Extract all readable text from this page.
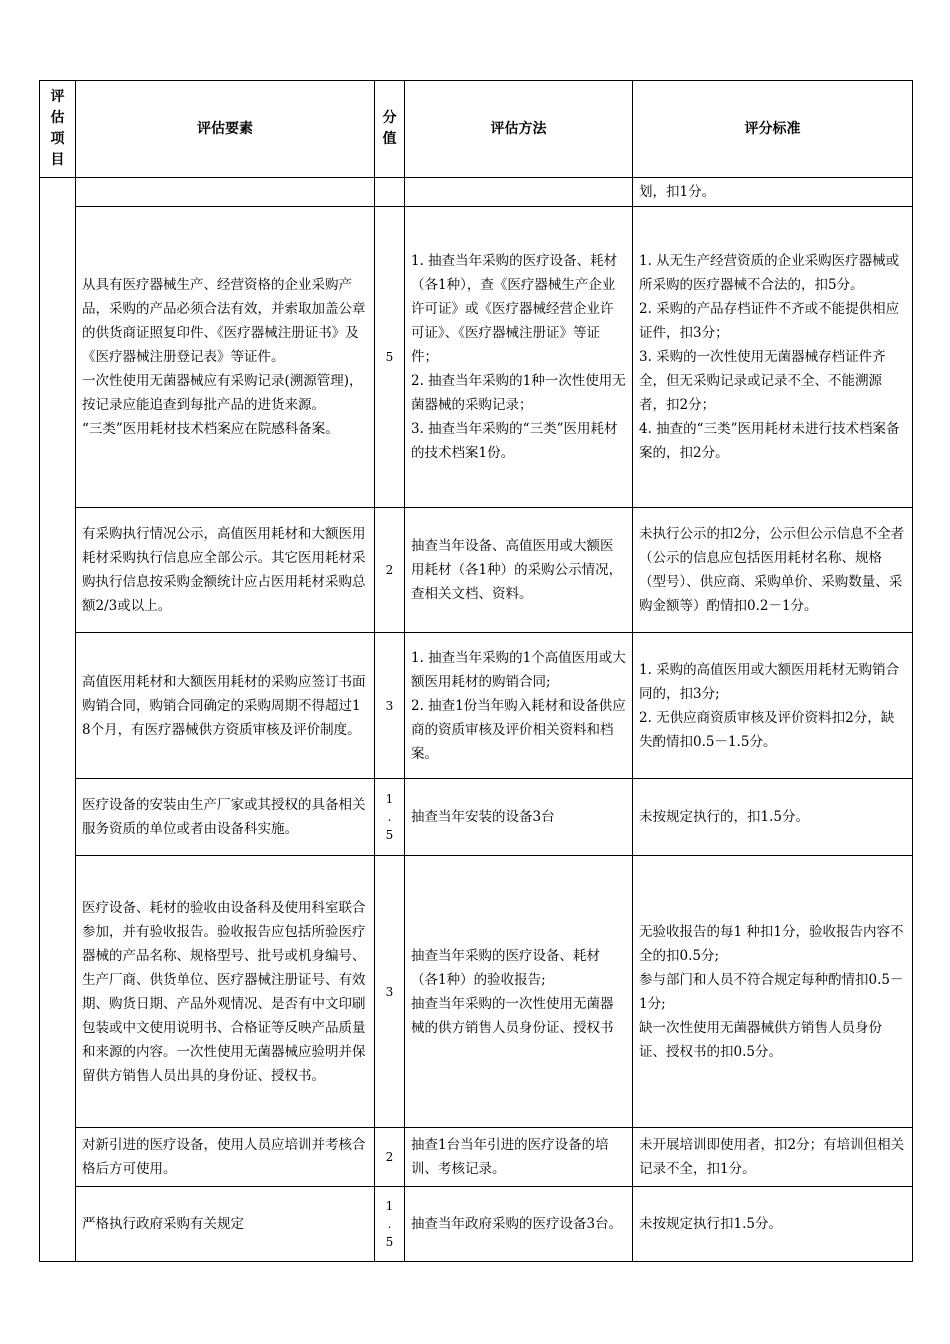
评
估
项
目	评估要素	分
值	评估方法	评分标准
				划，扣1分。
	从具有医疗器械生产、经营资格的企业采购产品，采购的产品必须合法有效，并索取加盖公章的供货商证照复印件、《医疗器械注册证书》及《医疗器械注册登记表》等证件。
一次性使用无菌器械应有采购记录(溯源管理)，按记录应能追查到每批产品的进货来源。
“三类”医用耗材技术档案应在院感科备案。	5	1. 抽查当年采购的医疗设备、耗材（各1种），查《医疗器械生产企业许可证》或《医疗器械经营企业许可证》、《医疗器械注册证》等证件；
2. 抽查当年采购的1种一次性使用无菌器械的采购记录；
3. 抽查当年采购的“三类”医用耗材的技术档案1份。	1. 从无生产经营资质的企业采购医疗器械或所采购的医疗器械不合法的，扣5分。
2. 采购的产品存档证件不齐或不能提供相应证件，扣3分；
3. 采购的一次性使用无菌器械存档证件齐全，但无采购记录或记录不全、不能溯源者，扣2分；
4. 抽查的“三类”医用耗材未进行技术档案备案的，扣2分。
	有采购执行情况公示，高值医用耗材和大额医用耗材采购执行信息应全部公示。其它医用耗材采购执行信息按采购金额统计应占医用耗材采购总额2/3或以上。	2	抽查当年设备、高值医用或大额医用耗材（各1种）的采购公示情况，查相关文档、资料。	未执行公示的扣2分，公示但公示信息不全者（公示的信息应包括医用耗材名称、规格（型号）、供应商、采购单价、采购数量、采购金额等）酌情扣0.2－1分。
	高值医用耗材和大额医用耗材的采购应签订书面购销合同，购销合同确定的采购周期不得超过18个月，有医疗器械供方资质审核及评价制度。	3	1. 抽查当年采购的1个高值医用或大额医用耗材的购销合同;
2. 抽查1份当年购入耗材和设备供应商的资质审核及评价相关资料和档案。	1. 采购的高值医用或大额医用耗材无购销合同的，扣3分;
2. 无供应商资质审核及评价资料扣2分，缺失酌情扣0.5－1.5分。
	医疗设备的安装由生产厂家或其授权的具备相关服务资质的单位或者由设备科实施。	1
.
5	抽查当年安装的设备3台	未按规定执行的，扣1.5分。
	医疗设备、耗材的验收由设备科及使用科室联合参加，并有验收报告。验收报告应包括所验医疗器械的产品名称、规格型号、批号或机身编号、生产厂商、供货单位、医疗器械注册证号、有效期、购货日期、产品外观情况、是否有中文印刷包装或中文使用说明书、合格证等反映产品质量和来源的内容。一次性使用无菌器械应验明并保留供方销售人员出具的身份证、授权书。	3	抽查当年采购的医疗设备、耗材（各1种）的验收报告;
抽查当年采购的一次性使用无菌器械的供方销售人员身份证、授权书	无验收报告的每1 种扣1分，验收报告内容不全的扣0.5分;
参与部门和人员不符合规定每种酌情扣0.5－1分;
缺一次性使用无菌器械供方销售人员身份证、授权书的扣0.5分。
	对新引进的医疗设备，使用人员应培训并考核合格后方可使用。	2	抽查1台当年引进的医疗设备的培训、考核记录。	未开展培训即使用者，扣2分；有培训但相关记录不全，扣1分。
	严格执行政府采购有关规定	1
.
5	抽查当年政府采购的医疗设备3台。	未按规定执行扣1.5分。
